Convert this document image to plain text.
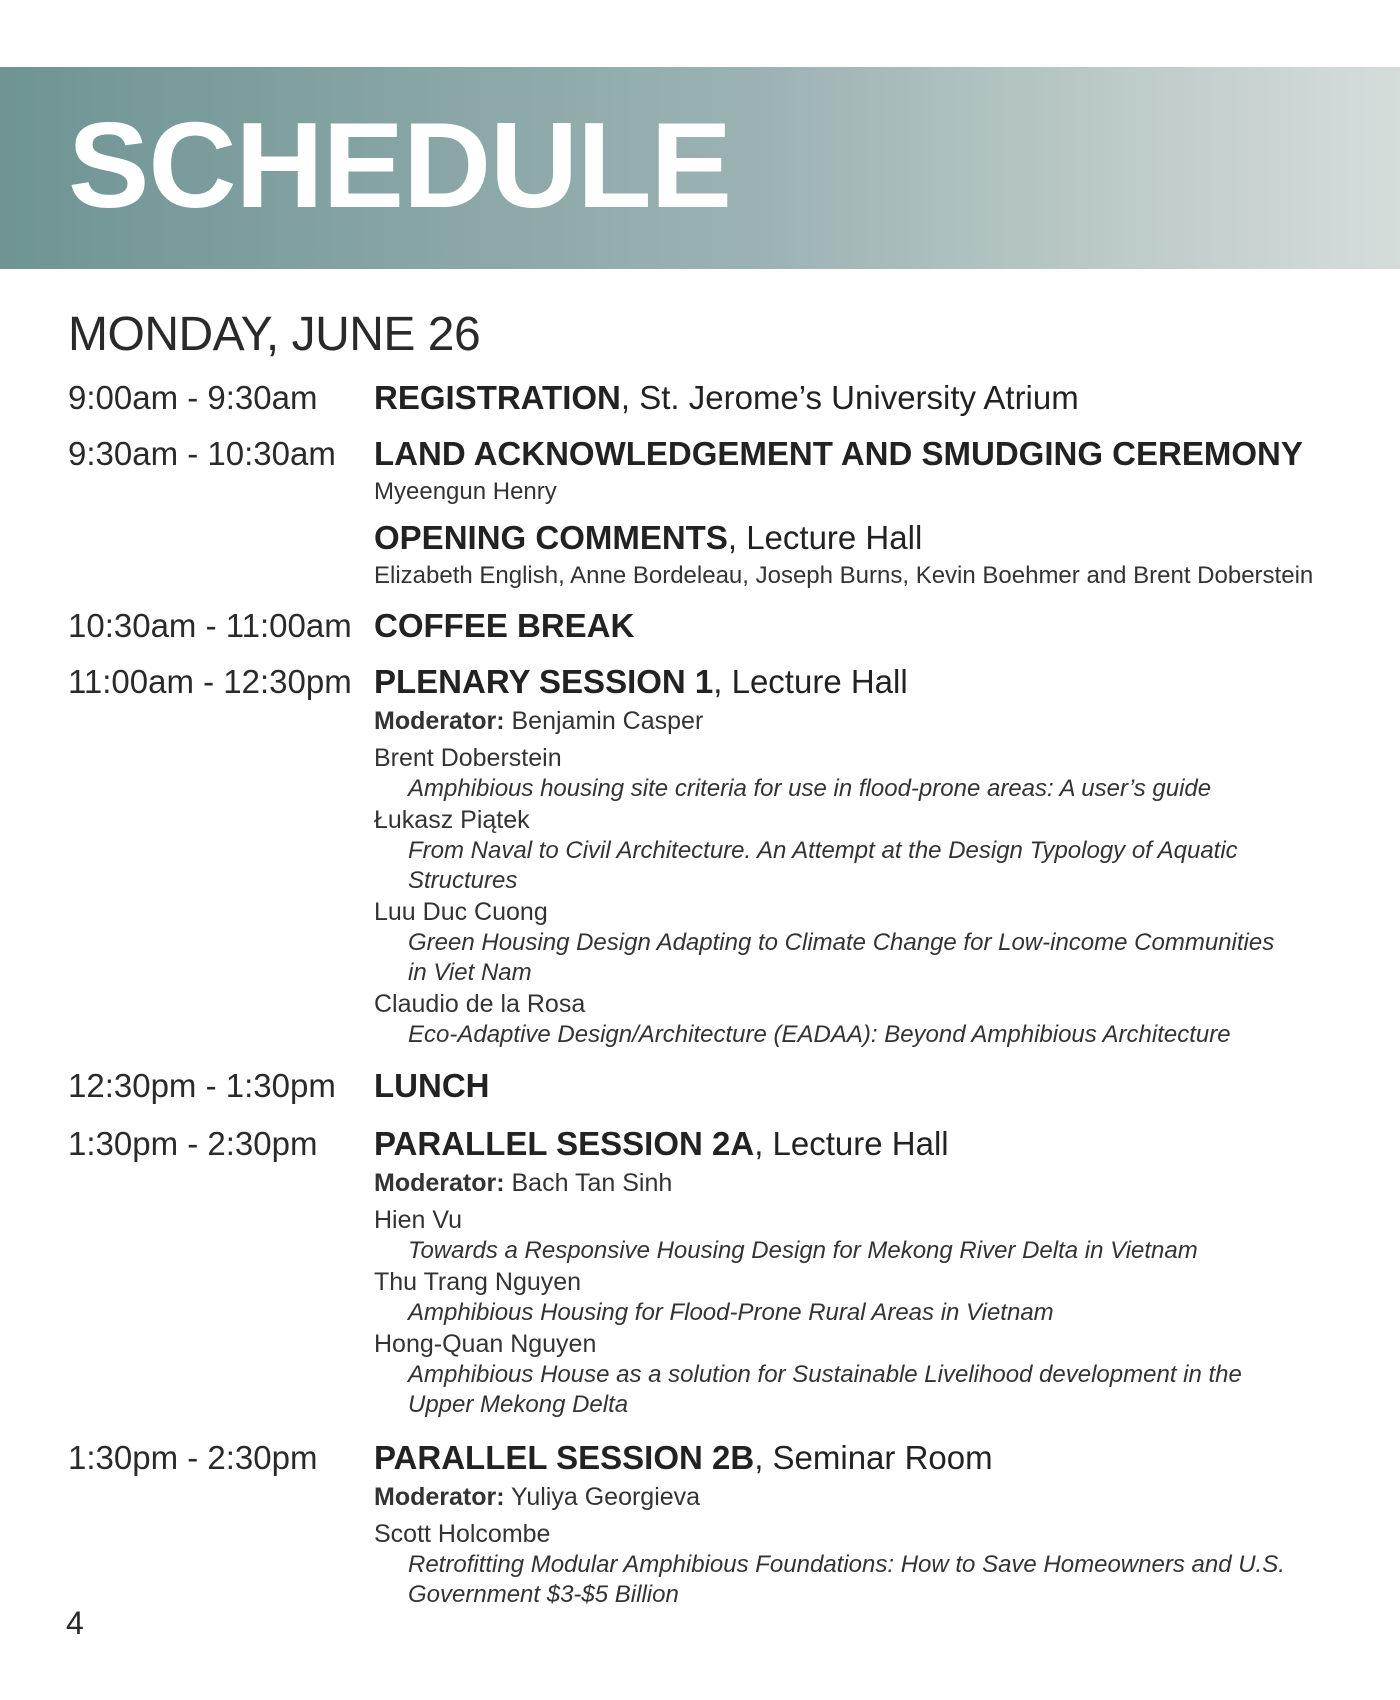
SCHEDULE
MONDAY, JUNE 26
9:00am - 9:30am	REGISTRATION, St. Jerome’s University Atrium
9:30am - 10:30am	LAND ACKNOWLEDGEMENT AND SMUDGING CEREMONY
Myeengun Henry
OPENING COMMENTS, Lecture Hall
Elizabeth English, Anne Bordeleau, Joseph Burns, Kevin Boehmer and Brent Doberstein
10:30am - 11:00am COFFEE BREAK
11:00am - 12:30pm PLENARY SESSION 1, Lecture Hall
Moderator: Benjamin Casper
Brent Doberstein
Amphibious housing site criteria for use in flood-prone areas: A user’s guide
Łukasz Piątek
From Naval to Civil Architecture. An Attempt at the Design Typology of Aquatic Structures
Luu Duc Cuong
Green Housing Design Adapting to Climate Change for Low-income Communities in Viet Nam
Claudio de la Rosa
Eco-Adaptive Design/Architecture (EADAA): Beyond Amphibious Architecture
12:30pm - 1:30pm	LUNCH
1:30pm - 2:30pm	PARALLEL SESSION 2A, Lecture Hall
Moderator: Bach Tan Sinh
Hien Vu
Towards a Responsive Housing Design for Mekong River Delta in Vietnam
Thu Trang Nguyen
Amphibious Housing for Flood-Prone Rural Areas in Vietnam
Hong-Quan Nguyen
Amphibious House as a solution for Sustainable Livelihood development in the Upper Mekong Delta
1:30pm - 2:30pm	PARALLEL SESSION 2B, Seminar Room
Moderator: Yuliya Georgieva
Scott Holcombe
Retrofitting Modular Amphibious Foundations: How to Save Homeowners and U.S. Government $3-$5 Billion
4
